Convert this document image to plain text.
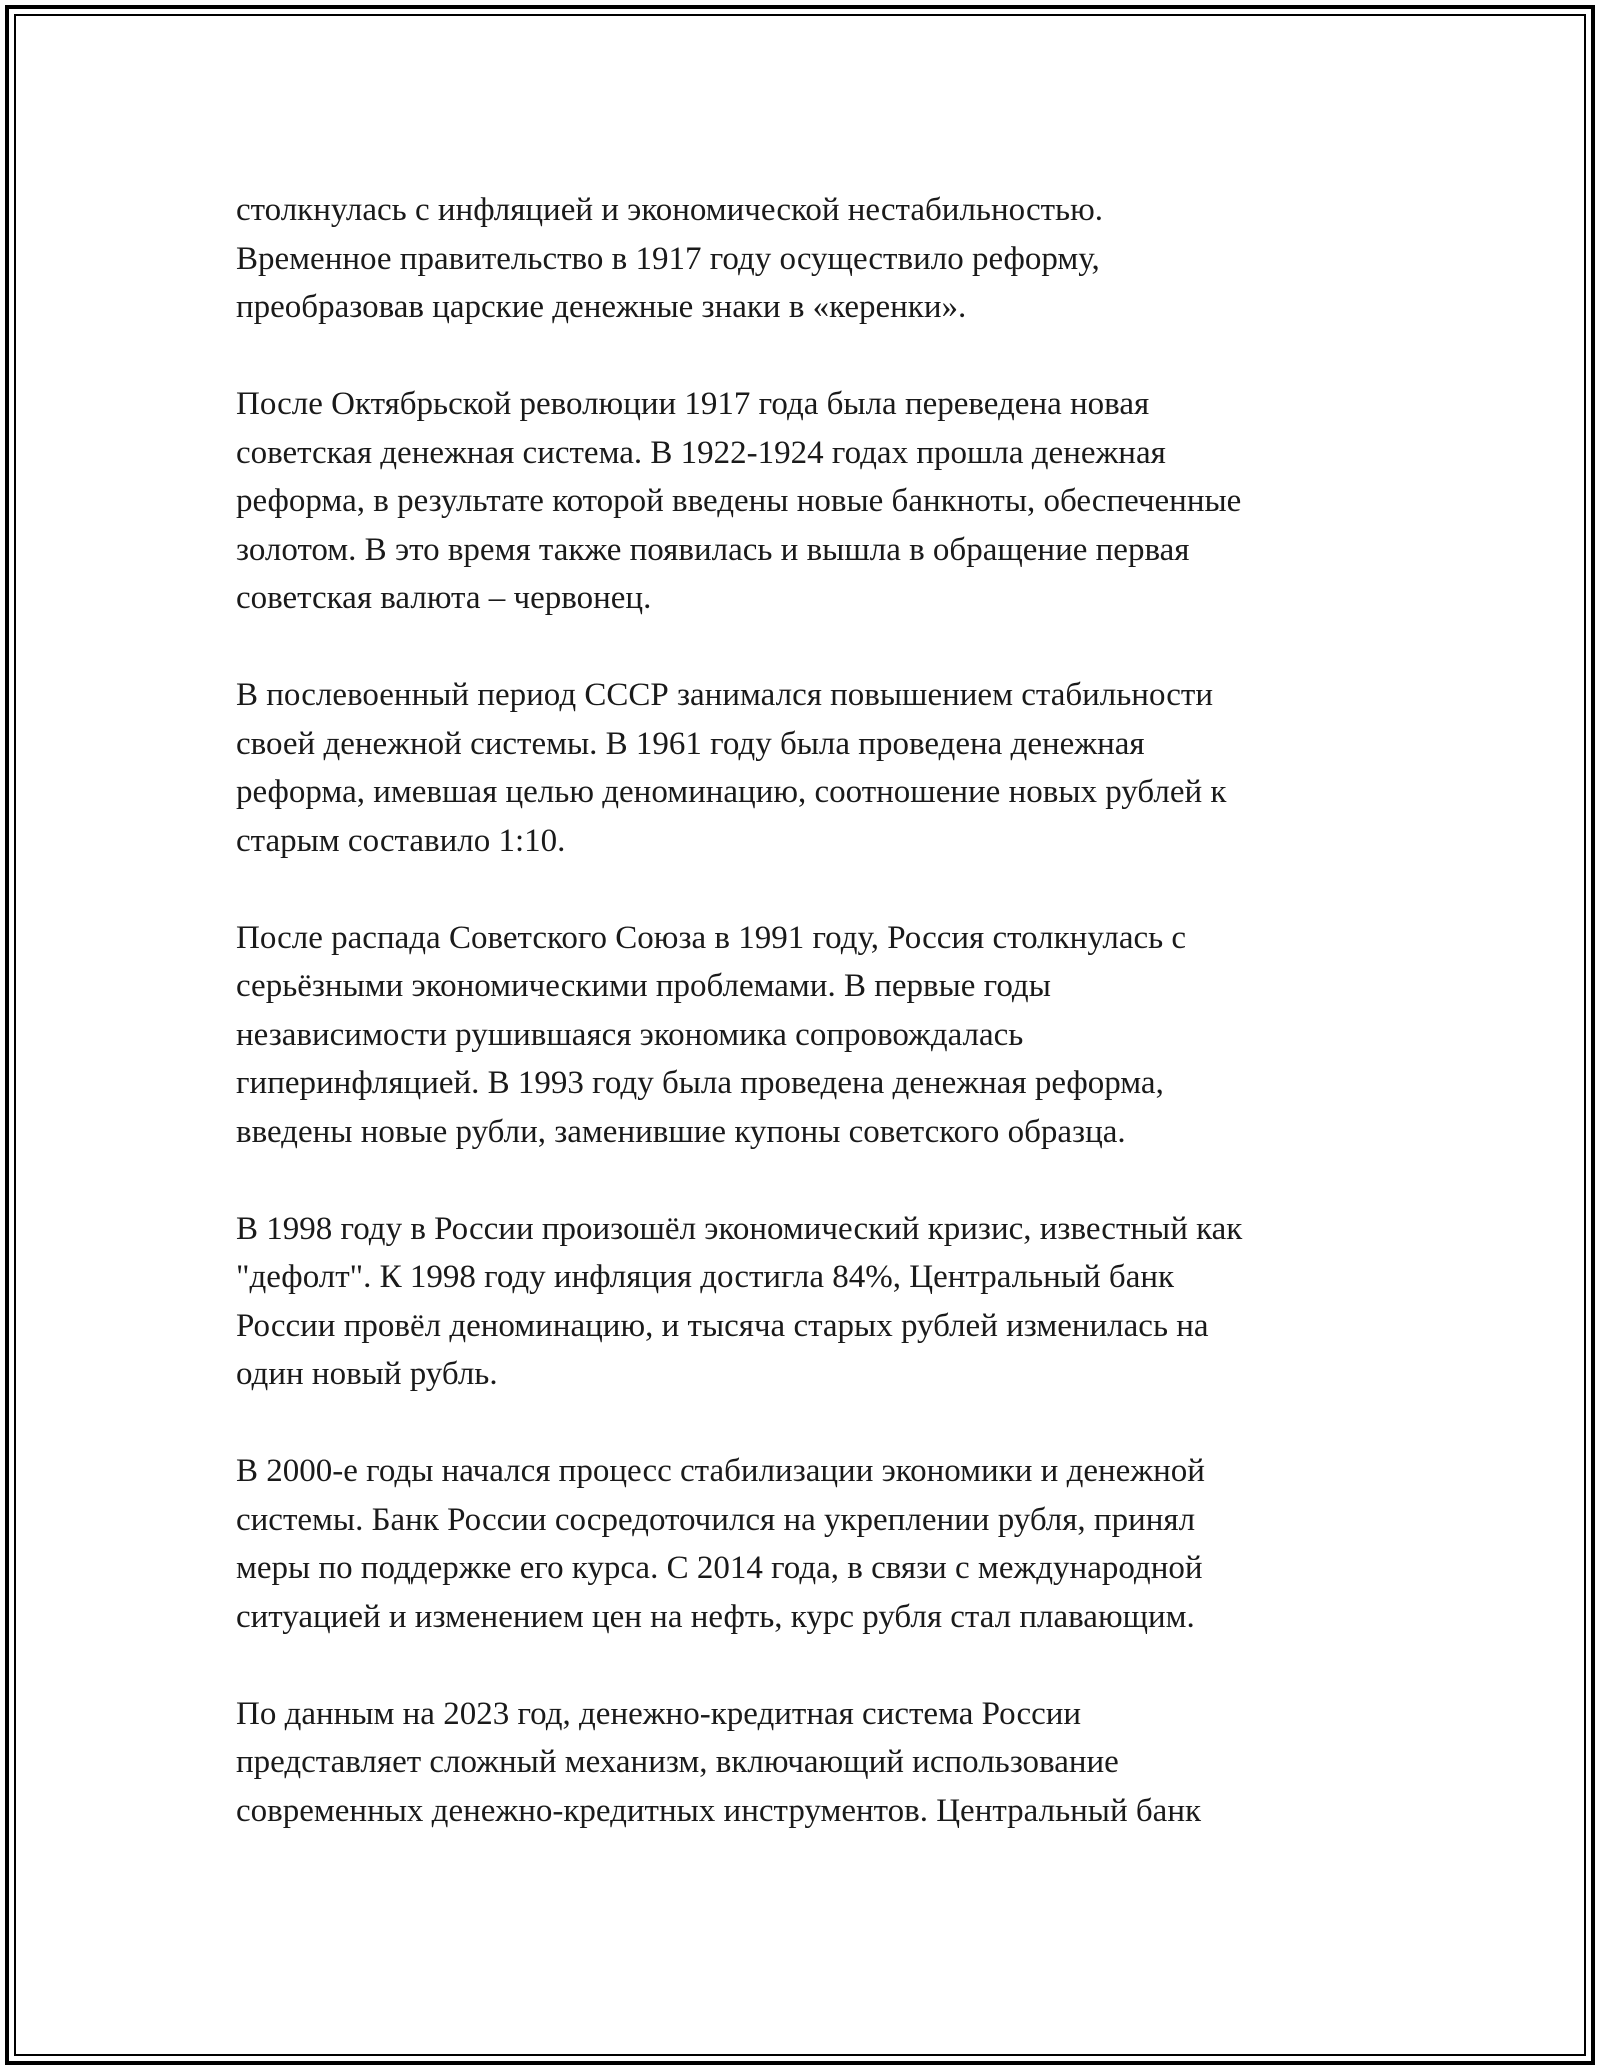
столкнулась с инфляцией и экономической нестабильностью.
Временное правительство в 1917 году осуществило реформу,
преобразовав царские денежные знаки в «керенки».

После Октябрьской революции 1917 года была переведена новая
советская денежная система. В 1922-1924 годах прошла денежная
реформа, в результате которой введены новые банкноты, обеспеченные
золотом. В это время также появилась и вышла в обращение первая
советская валюта – червонец.

В послевоенный период СССР занимался повышением стабильности
своей денежной системы. В 1961 году была проведена денежная
реформа, имевшая целью деноминацию, соотношение новых рублей к
старым составило 1:10.

После распада Советского Союза в 1991 году, Россия столкнулась с
серьёзными экономическими проблемами. В первые годы
независимости рушившаяся экономика сопровождалась
гиперинфляцией. В 1993 году была проведена денежная реформа,
введены новые рубли, заменившие купоны советского образца.

В 1998 году в России произошёл экономический кризис, известный как
"дефолт". К 1998 году инфляция достигла 84%, Центральный банк
России провёл деноминацию, и тысяча старых рублей изменилась на
один новый рубль.

В 2000-е годы начался процесс стабилизации экономики и денежной
системы. Банк России сосредоточился на укреплении рубля, принял
меры по поддержке его курса. С 2014 года, в связи с международной
ситуацией и изменением цен на нефть, курс рубля стал плавающим.

По данным на 2023 год, денежно-кредитная система России
представляет сложный механизм, включающий использование
современных денежно-кредитных инструментов. Центральный банк
